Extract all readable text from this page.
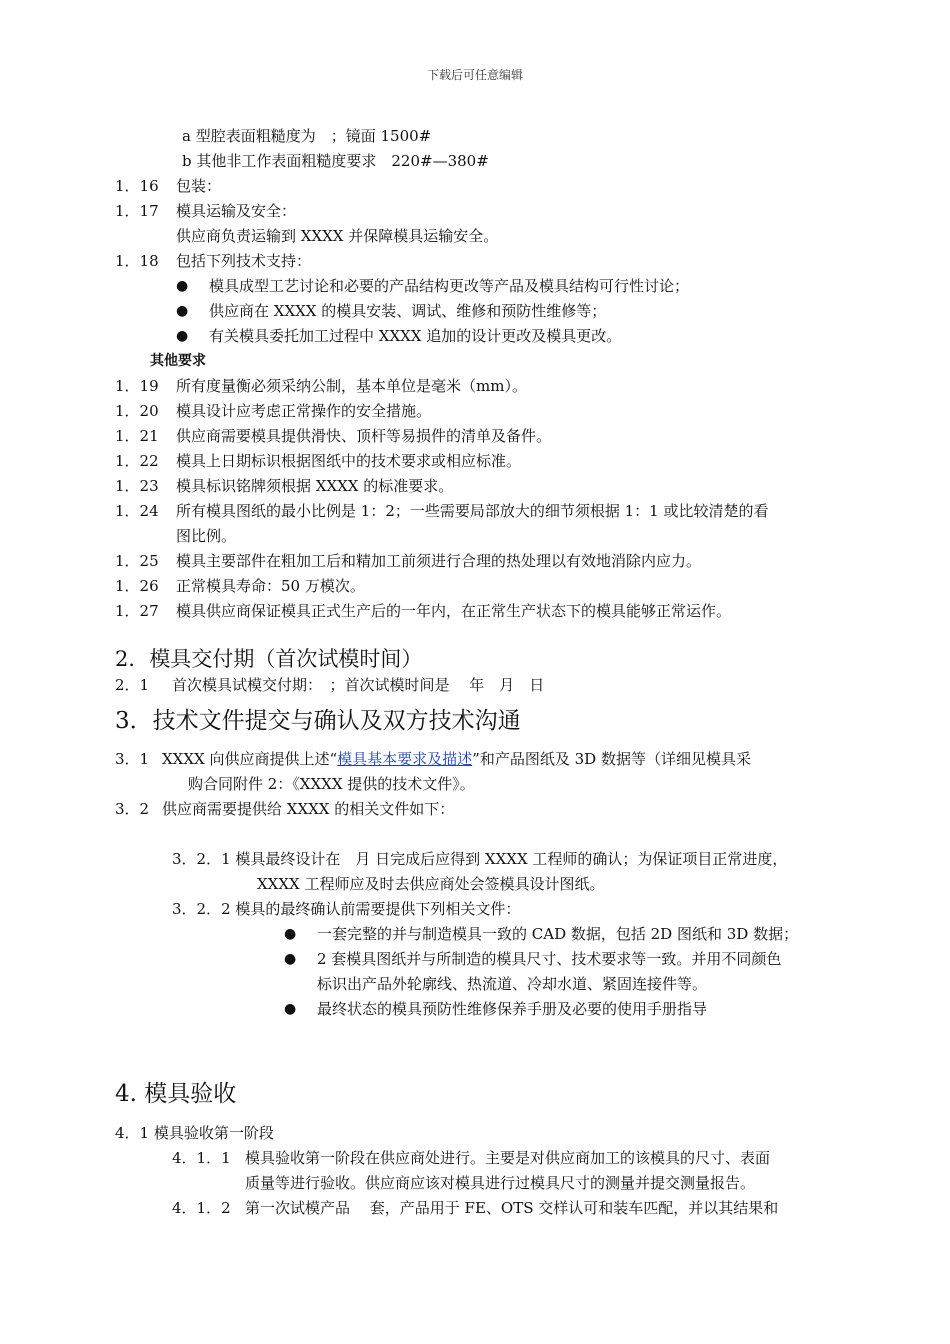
下载后可任意编辑
a 型腔表面粗糙度为　；镜面 1500#
b 其他非工作表面粗糙度要求　220#—380#
1．16 包装：
1．17 模具运输及安全：
供应商负责运输到 XXXX 并保障模具运输安全。
1．18 包括下列技术支持：
● 模具成型工艺讨论和必要的产品结构更改等产品及模具结构可行性讨论；
● 供应商在 XXXX 的模具安装、调试、维修和预防性维修等；
● 有关模具委托加工过程中 XXXX 追加的设计更改及模具更改。
其他要求
1．19 所有度量衡必须采纳公制，基本单位是毫米（mm）。
1．20 模具设计应考虑正常操作的安全措施。
1．21 供应商需要模具提供滑快、顶杆等易损件的清单及备件。
1．22 模具上日期标识根据图纸中的技术要求或相应标准。
1．23 模具标识铭牌须根据 XXXX 的标准要求。
1．24 所有模具图纸的最小比例是 1：2；一些需要局部放大的细节须根据 1：1 或比较清楚的看
图比例。
1．25 模具主要部件在粗加工后和精加工前须进行合理的热处理以有效地消除内应力。
1．26 正常模具寿命：50 万模次。
1．27 模具供应商保证模具正式生产后的一年内，在正常生产状态下的模具能够正常运作。
2．模具交付期（首次试模时间）
2．1 首次模具试模交付期：　；首次试模时间是　 年　月　日
3．技术文件提交与确认及双方技术沟通
3．1 XXXX 向供应商提供上述“模具基本要求及描述”和产品图纸及 3D 数据等（详细见模具采
购合同附件 2：《XXXX 提供的技术文件》。
3．2 供应商需要提供给 XXXX 的相关文件如下：
3．2．1 模具最终设计在　月 日完成后应得到 XXXX 工程师的确认；为保证项目正常进度，
XXXX 工程师应及时去供应商处会签模具设计图纸。
3．2．2 模具的最终确认前需要提供下列相关文件：
● 一套完整的并与制造模具一致的 CAD 数据，包括 2D 图纸和 3D 数据；
● 2 套模具图纸并与所制造的模具尺寸、技术要求等一致。并用不同颜色
标识出产品外轮廓线、热流道、冷却水道、紧固连接件等。
● 最终状态的模具预防性维修保养手册及必要的使用手册指导
4. 模具验收
4．1 模具验收第一阶段
4．1．1 模具验收第一阶段在供应商处进行。主要是对供应商加工的该模具的尺寸、表面
质量等进行验收。供应商应该对模具进行过模具尺寸的测量并提交测量报告。
4．1．2 第一次试模产品　 套，产品用于 FE、OTS 交样认可和装车匹配，并以其结果和
